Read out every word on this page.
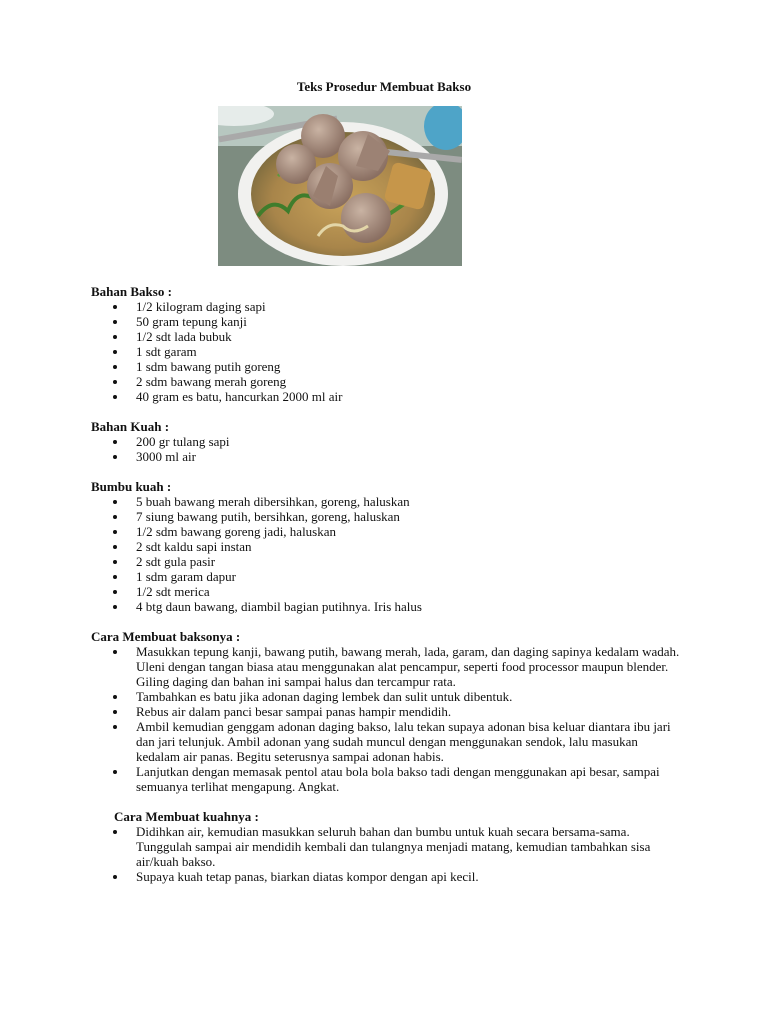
Teks Prosedur Membuat Bakso

Bahan Bakso :

1/2 kilogram daging sapi
50 gram tepung kanji
1/2 sdt lada bubuk
1 sdt garam
1 sdm bawang putih goreng
2 sdm bawang merah goreng
40 gram es batu, hancurkan 2000 ml air

Bahan Kuah :

200 gr tulang sapi
3000 ml air

Bumbu kuah :

5 buah bawang merah dibersihkan, goreng, haluskan
7 siung bawang putih, bersihkan, goreng, haluskan
1/2 sdm bawang goreng jadi, haluskan
2 sdt kaldu sapi instan
2 sdt gula pasir
1 sdm garam dapur
1/2 sdt merica
4 btg daun bawang, diambil bagian putihnya. Iris halus

Cara Membuat baksonya :

Masukkan tepung kanji, bawang putih, bawang merah, lada, garam, dan daging sapinya kedalam wadah. Uleni dengan tangan biasa atau menggunakan alat pencampur, seperti food processor maupun blender. Giling daging dan bahan ini sampai halus dan tercampur rata.
Tambahkan es batu jika adonan daging lembek dan sulit untuk dibentuk.
Rebus air dalam panci besar sampai panas hampir mendidih.
Ambil kemudian genggam adonan daging bakso, lalu tekan supaya adonan bisa keluar diantara ibu jari dan jari telunjuk. Ambil adonan yang sudah muncul dengan menggunakan sendok, lalu masukan kedalam air panas. Begitu seterusnya sampai adonan habis.
Lanjutkan dengan memasak pentol atau bola bola bakso tadi dengan menggunakan api besar, sampai semuanya terlihat mengapung. Angkat.

Cara Membuat kuahnya :

Didihkan air, kemudian masukkan seluruh bahan dan bumbu untuk kuah secara bersama-sama. Tunggulah sampai air mendidih kembali dan tulangnya menjadi matang, kemudian tambahkan sisa air/kuah bakso.
Supaya kuah tetap panas, biarkan diatas kompor dengan api kecil.
